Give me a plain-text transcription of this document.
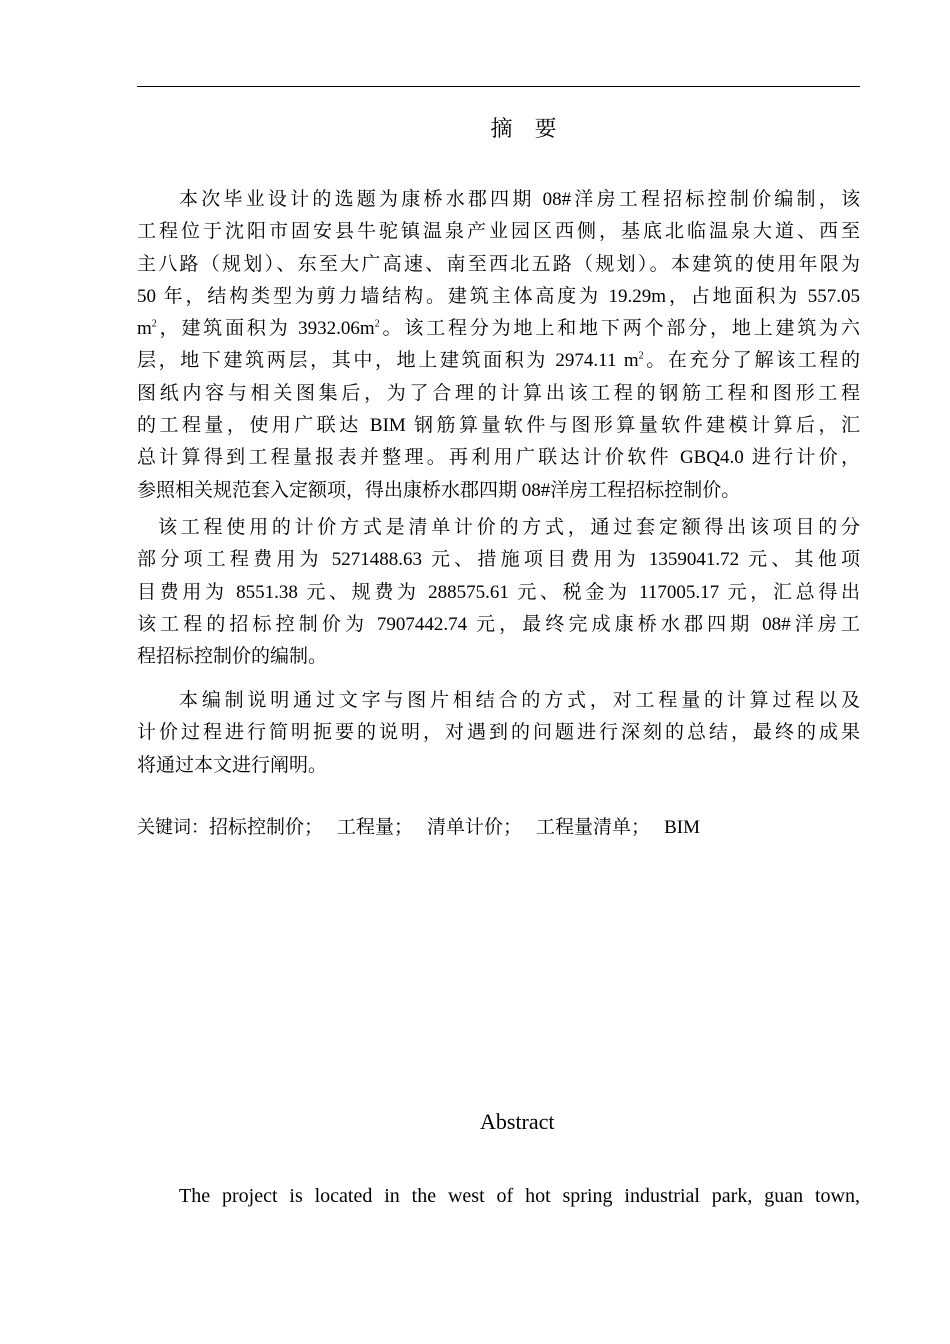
摘　要
本次毕业设计的选题为康桥水郡四期 08#洋房工程招标控制价编制，该
工程位于沈阳市固安县牛驼镇温泉产业园区西侧，基底北临温泉大道、西至
主八路（规划）、东至大广高速、南至西北五路（规划）。本建筑的使用年限为
50 年，结构类型为剪力墙结构。建筑主体高度为 19.29m，占地面积为 557.05
$m^2$，建筑面积为 $3932.06m^2$。该工程分为地上和地下两个部分，地上建筑为六
层，地下建筑两层，其中，地上建筑面积为 2974.11 $m^2$。在充分了解该工程的
图纸内容与相关图集后，为了合理的计算出该工程的钢筋工程和图形工程
的工程量，使用广联达 BIM 钢筋算量软件与图形算量软件建模计算后，汇
总计算得到工程量报表并整理。再利用广联达计价软件 GBQ4.0 进行计价，
参照相关规范套入定额项，得出康桥水郡四期 08#洋房工程招标控制价。
该工程使用的计价方式是清单计价的方式，通过套定额得出该项目的分
部分项工程费用为 5271488.63 元、措施项目费用为 1359041.72 元、其他项
目费用为 8551.38 元、规费为 288575.61 元、税金为 117005.17 元，汇总得出
该工程的招标控制价为 7907442.74 元，最终完成康桥水郡四期 08#洋房工
程招标控制价的编制。
本编制说明通过文字与图片相结合的方式，对工程量的计算过程以及
计价过程进行简明扼要的说明，对遇到的问题进行深刻的总结，最终的成果
将通过本文进行阐明。
关键词：招标控制价； 工程量； 清单计价； 工程量清单； BIM
Abstract
The project is located in the west of hot spring industrial park, guan town,
